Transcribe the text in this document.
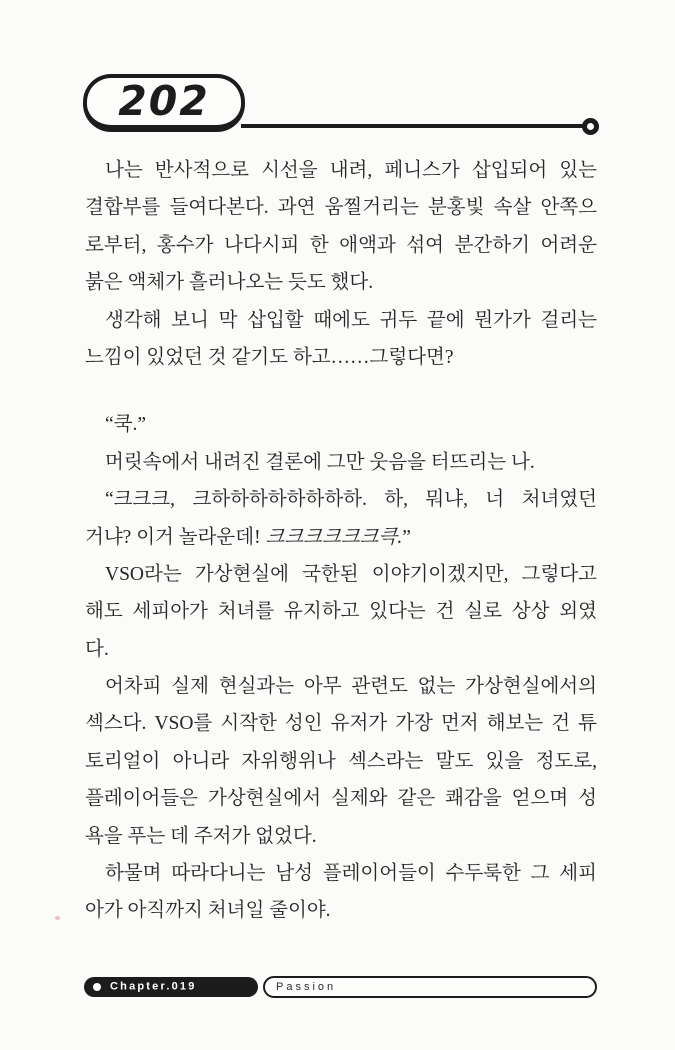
202
나는 반사적으로 시선을 내려, 페니스가 삽입되어 있는
결합부를 들여다본다. 과연 움찔거리는 분홍빛 속살 안쪽으
로부터, 홍수가 나다시피 한 애액과 섞여 분간하기 어려운
붉은 액체가 흘러나오는 듯도 했다.
생각해 보니 막 삽입할 때에도 귀두 끝에 뭔가가 걸리는
느낌이 있었던 것 같기도 하고……그렇다면?
“쿡.”
머릿속에서 내려진 결론에 그만 웃음을 터뜨리는 나.
“크크크, 크하하하하하하하하. 하, 뭐냐, 너 처녀였던
거냐? 이거 놀라운데! 크크크크크크큭.”
VSO라는 가상현실에 국한된 이야기이겠지만, 그렇다고
해도 세피아가 처녀를 유지하고 있다는 건 실로 상상 외였
다.
어차피 실제 현실과는 아무 관련도 없는 가상현실에서의
섹스다. VSO를 시작한 성인 유저가 가장 먼저 해보는 건 튜
토리얼이 아니라 자위행위나 섹스라는 말도 있을 정도로,
플레이어들은 가상현실에서 실제와 같은 쾌감을 얻으며 성
욕을 푸는 데 주저가 없었다.
하물며 따라다니는 남성 플레이어들이 수두룩한 그 세피
아가 아직까지 처녀일 줄이야.
Chapter.019	Passion
